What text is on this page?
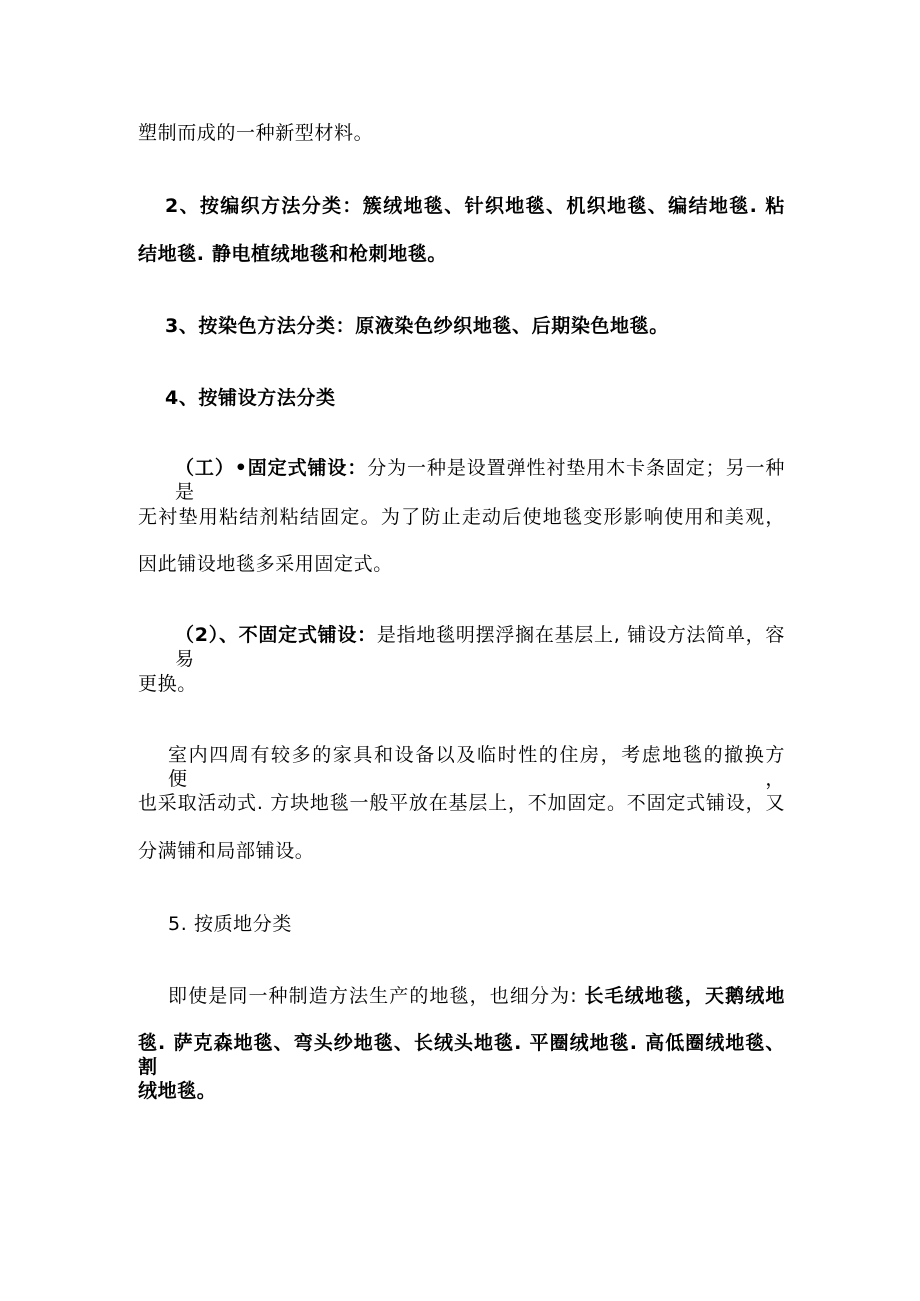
塑制而成的一种新型材料。
2、按编织方法分类：簇绒地毯、针织地毯、机织地毯、编结地毯. 粘
结地毯. 静电植绒地毯和枪刺地毯。
3、按染色方法分类：原液染色纱织地毯、后期染色地毯。
4、按铺设方法分类
（工）•固定式铺设：分为一种是设置弹性衬垫用木卡条固定；另一种是
无衬垫用粘结剂粘结固定。为了防止走动后使地毯变形影响使用和美观，
因此铺设地毯多采用固定式。
（2）、不固定式铺设：是指地毯明摆浮搁在基层上, 铺设方法简单，容易
更换。
室内四周有较多的家具和设备以及临时性的住房，考虑地毯的撤换方便，
也采取活动式. 方块地毯一般平放在基层上，不加固定。不固定式铺设，又
分满铺和局部铺设。
5. 按质地分类
即使是同一种制造方法生产的地毯，也细分为: 长毛绒地毯，天鹅绒地
毯. 萨克森地毯、弯头纱地毯、长绒头地毯. 平圈绒地毯. 高低圈绒地毯、割
绒地毯。
